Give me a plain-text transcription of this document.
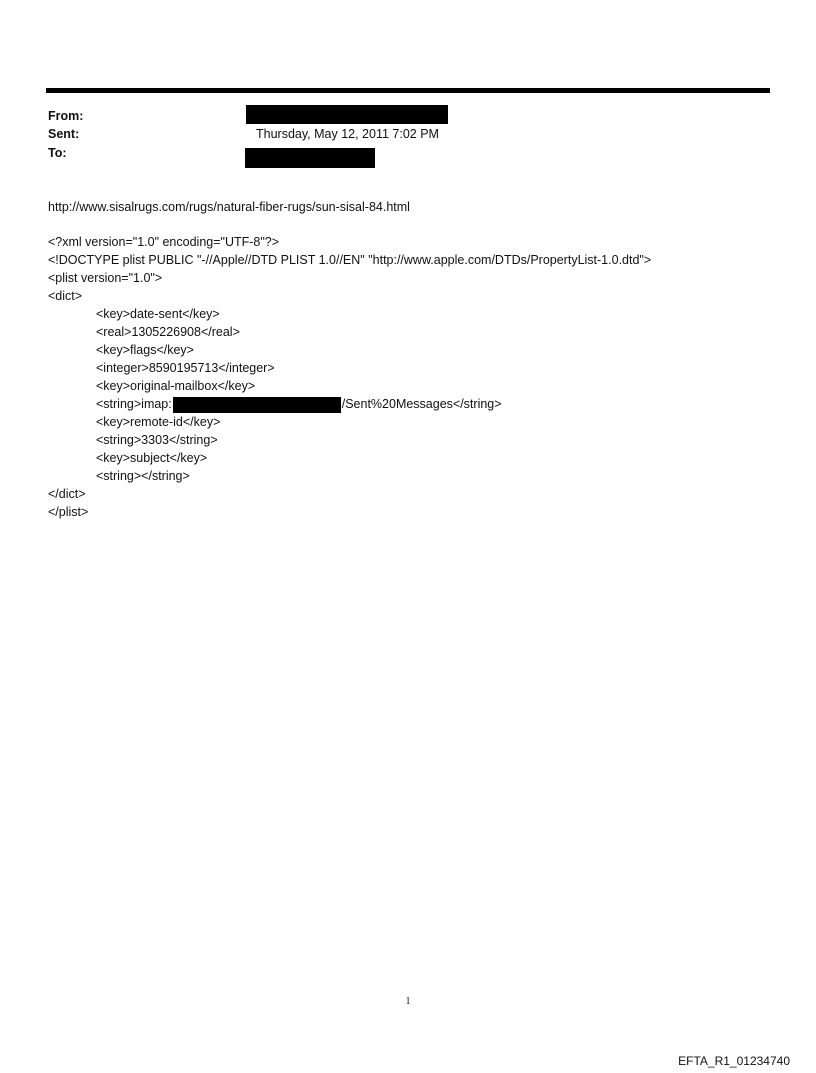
From:
Sent:	Thursday, May 12, 2011 7:02 PM
To:
http://www.sisalrugs.com/rugs/natural-fiber-rugs/sun-sisal-84.html
<?xml version="1.0" encoding="UTF-8"?>
<!DOCTYPE plist PUBLIC "-//Apple//DTD PLIST 1.0//EN" "http://www.apple.com/DTDs/PropertyList-1.0.dtd">
<plist version="1.0">
<dict>
<key>date-sent</key>
<real>1305226908</real>
<key>flags</key>
<integer>8590195713</integer>
<key>original-mailbox</key>
<string>imap:	/Sent%20Messages</string>
<key>remote-id</key>
<string>3303</string>
<key>subject</key>
<string></string>
</dict>
</plist>
1
EFTA_R1_01234740
